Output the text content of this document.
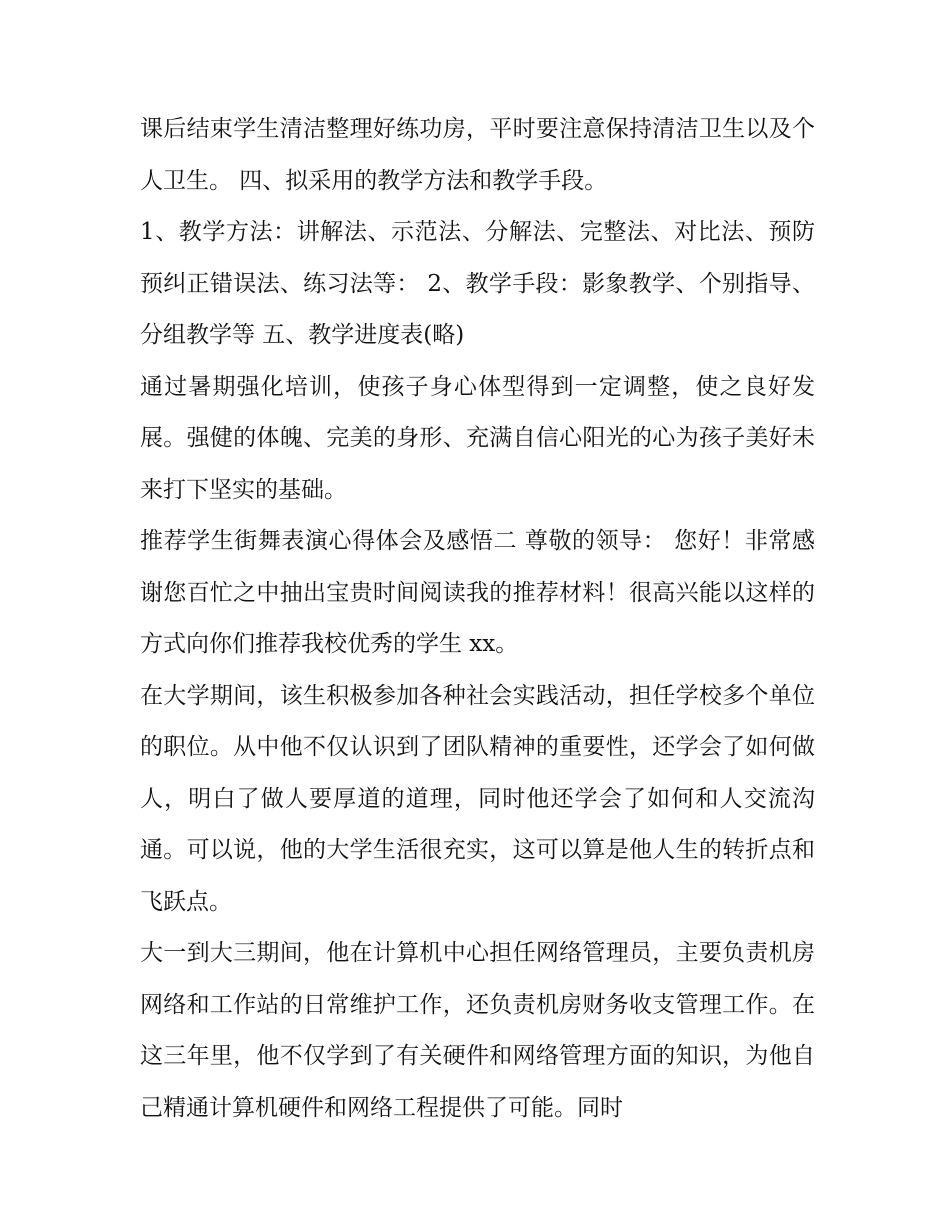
课后结束学生清洁整理好练功房，平时要注意保持清洁卫生以及个人卫生。 四、拟采用的教学方法和教学手段。

1、教学方法：讲解法、示范法、分解法、完整法、对比法、预防预纠正错误法、练习法等： 2、教学手段：影象教学、个别指导、分组教学等 五、教学进度表(略)

通过暑期强化培训，使孩子身心体型得到一定调整，使之良好发展。强健的体魄、完美的身形、充满自信心阳光的心为孩子美好未来打下坚实的基础。

推荐学生街舞表演心得体会及感悟二 尊敬的领导： 您好！非常感谢您百忙之中抽出宝贵时间阅读我的推荐材料！很高兴能以这样的方式向你们推荐我校优秀的学生 xx。

在大学期间，该生积极参加各种社会实践活动，担任学校多个单位的职位。从中他不仅认识到了团队精神的重要性，还学会了如何做人，明白了做人要厚道的道理，同时他还学会了如何和人交流沟通。可以说，他的大学生活很充实，这可以算是他人生的转折点和飞跃点。

大一到大三期间，他在计算机中心担任网络管理员，主要负责机房网络和工作站的日常维护工作，还负责机房财务收支管理工作。在这三年里，他不仅学到了有关硬件和网络管理方面的知识，为他自己精通计算机硬件和网络工程提供了可能。同时
